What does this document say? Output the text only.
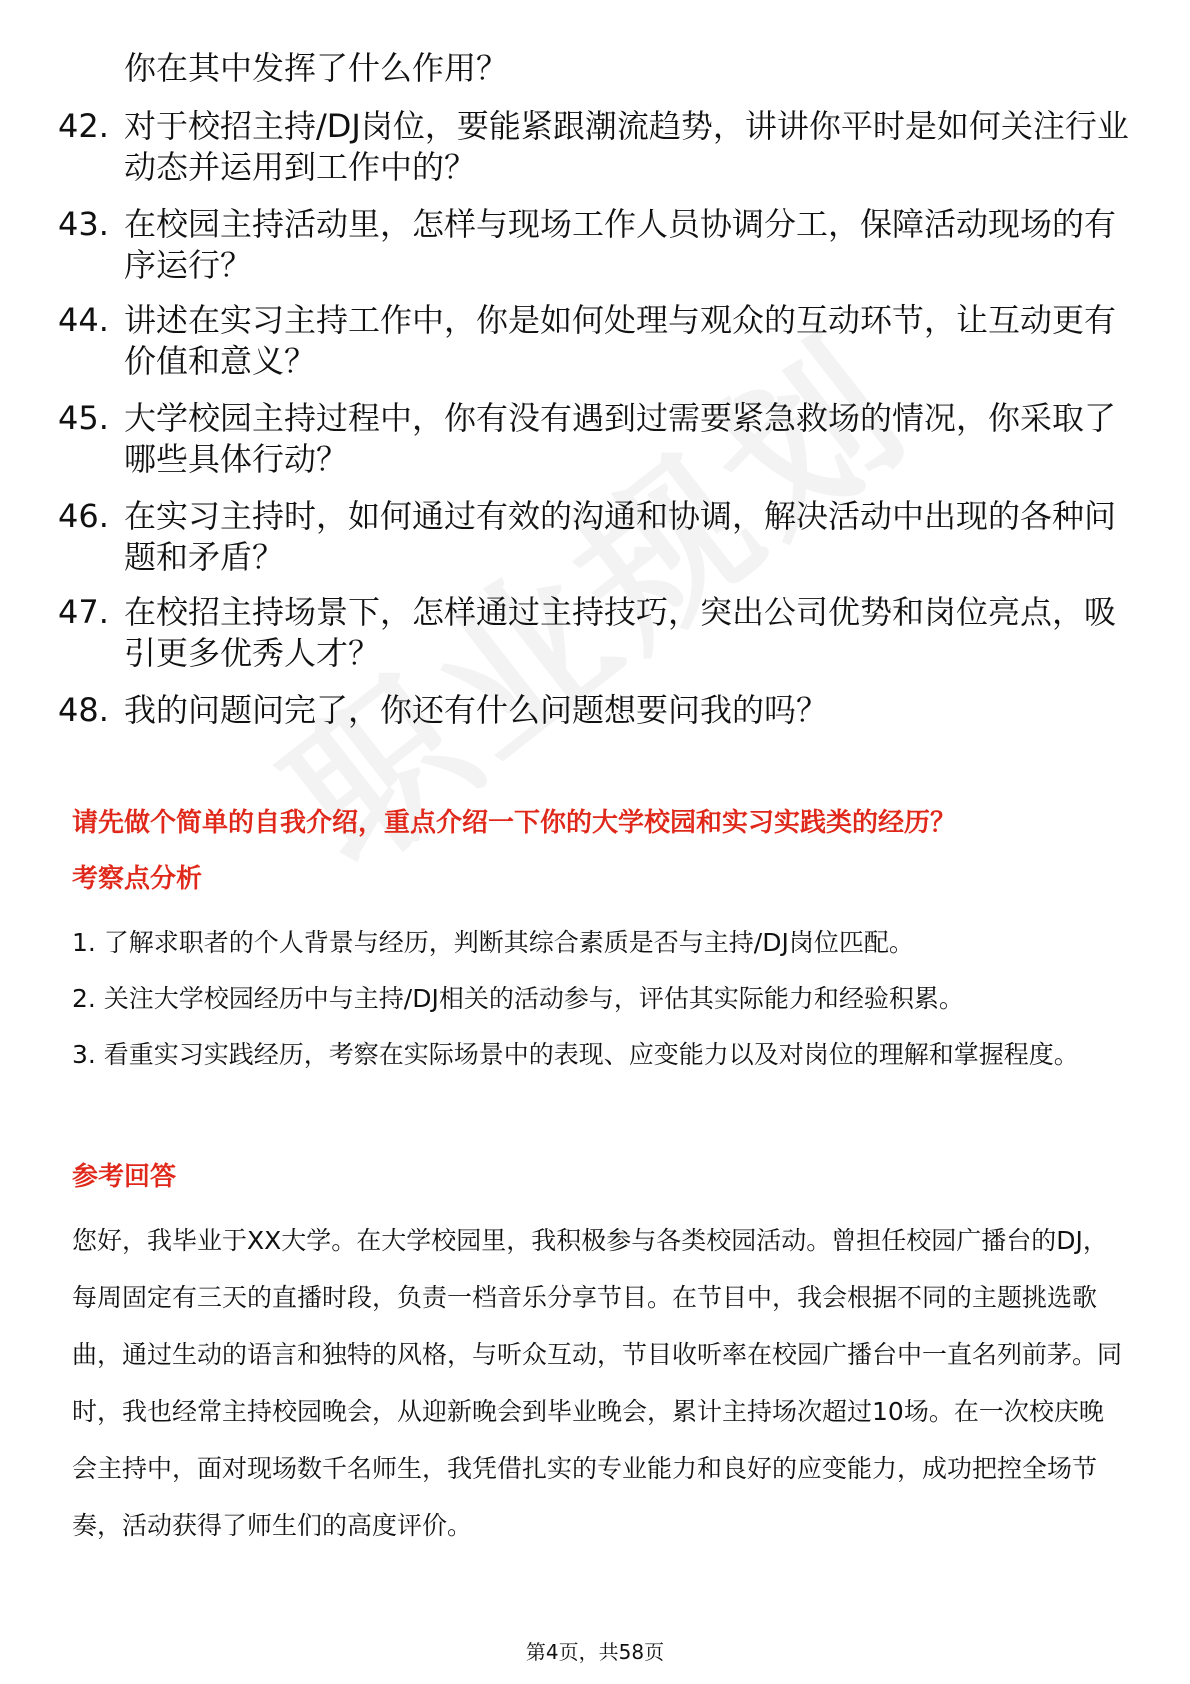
你在其中发挥了什么作用？
42. 对于校招主持/DJ岗位，要能紧跟潮流趋势，讲讲你平时是如何关注行业动态并运用到工作中的？
43. 在校园主持活动里，怎样与现场工作人员协调分工，保障活动现场的有序运行？
44. 讲述在实习主持工作中，你是如何处理与观众的互动环节，让互动更有价值和意义？
45. 大学校园主持过程中，你有没有遇到过需要紧急救场的情况，你采取了哪些具体行动？
46. 在实习主持时，如何通过有效的沟通和协调，解决活动中出现的各种问题和矛盾？
47. 在校招主持场景下，怎样通过主持技巧，突出公司优势和岗位亮点，吸引更多优秀人才？
48. 我的问题问完了，你还有什么问题想要问我的吗？
请先做个简单的自我介绍，重点介绍一下你的大学校园和实习实践类的经历？
考察点分析
1. 了解求职者的个人背景与经历，判断其综合素质是否与主持/DJ岗位匹配。
2. 关注大学校园经历中与主持/DJ相关的活动参与，评估其实际能力和经验积累。
3. 看重实习实践经历，考察在实际场景中的表现、应变能力以及对岗位的理解和掌握程度。
参考回答
您好，我毕业于XX大学。在大学校园里，我积极参与各类校园活动。曾担任校园广播台的DJ，每周固定有三天的直播时段，负责一档音乐分享节目。在节目中，我会根据不同的主题挑选歌曲，通过生动的语言和独特的风格，与听众互动，节目收听率在校园广播台中一直名列前茅。同时，我也经常主持校园晚会，从迎新晚会到毕业晚会，累计主持场次超过10场。在一次校庆晚会主持中，面对现场数千名师生，我凭借扎实的专业能力和良好的应变能力，成功把控全场节奏，活动获得了师生们的高度评价。
第4页，共58页
